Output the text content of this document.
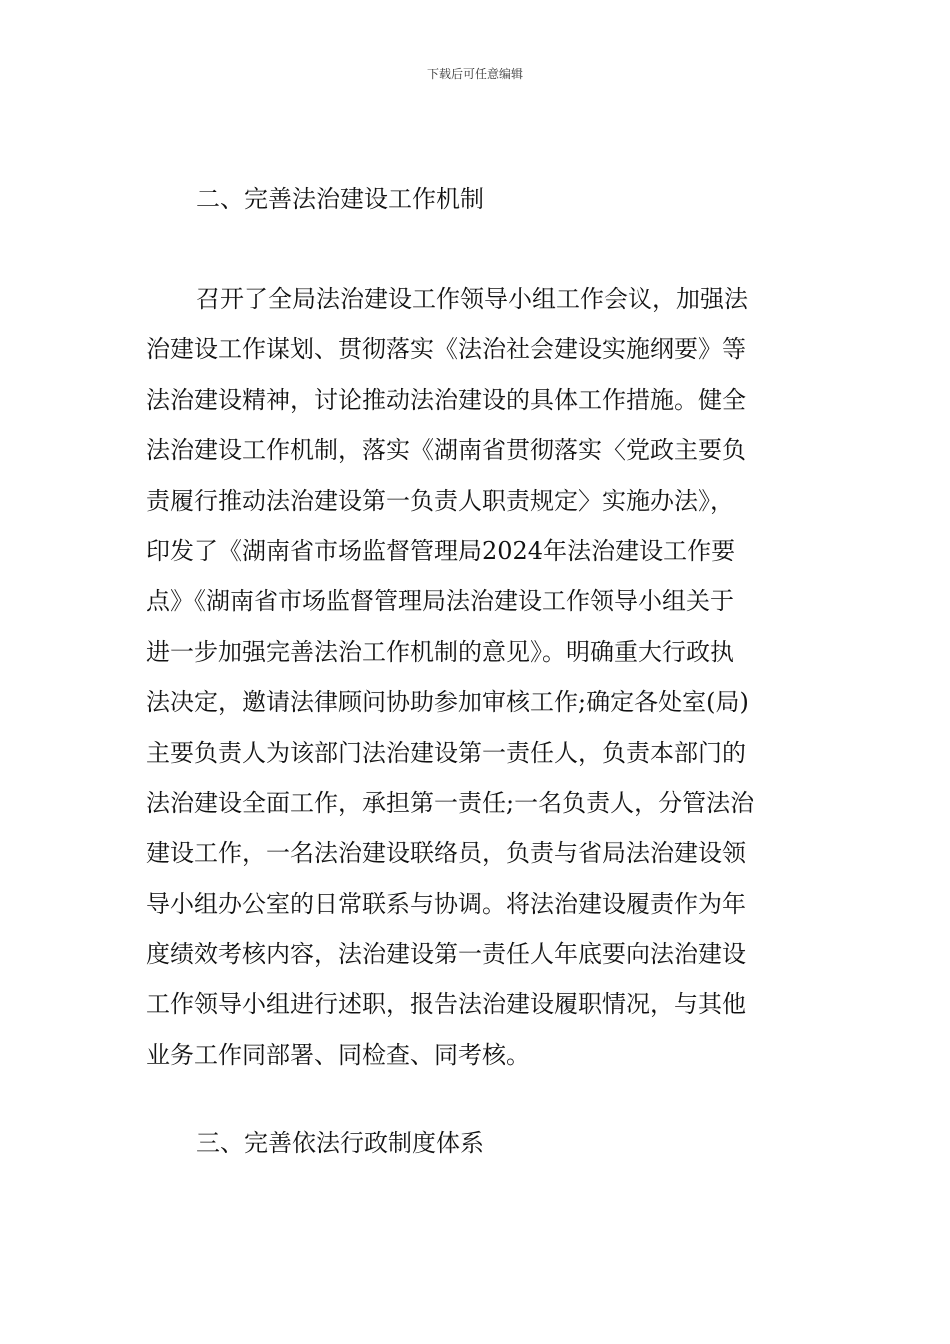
下载后可任意编辑
二、完善法治建设工作机制
召开了全局法治建设工作领导小组工作会议，加强法
治建设工作谋划、贯彻落实《法治社会建设实施纲要》等
法治建设精神，讨论推动法治建设的具体工作措施。健全
法治建设工作机制，落实《湖南省贯彻落实〈党政主要负
责履行推动法治建设第一负责人职责规定〉实施办法》，
印发了《湖南省市场监督管理局2024年法治建设工作要
点》《湖南省市场监督管理局法治建设工作领导小组关于
进一步加强完善法治工作机制的意见》。明确重大行政执
法决定，邀请法律顾问协助参加审核工作;确定各处室(局)
主要负责人为该部门法治建设第一责任人，负责本部门的
法治建设全面工作，承担第一责任;一名负责人，分管法治
建设工作，一名法治建设联络员，负责与省局法治建设领
导小组办公室的日常联系与协调。将法治建设履责作为年
度绩效考核内容，法治建设第一责任人年底要向法治建设
工作领导小组进行述职，报告法治建设履职情况，与其他
业务工作同部署、同检查、同考核。
三、完善依法行政制度体系
